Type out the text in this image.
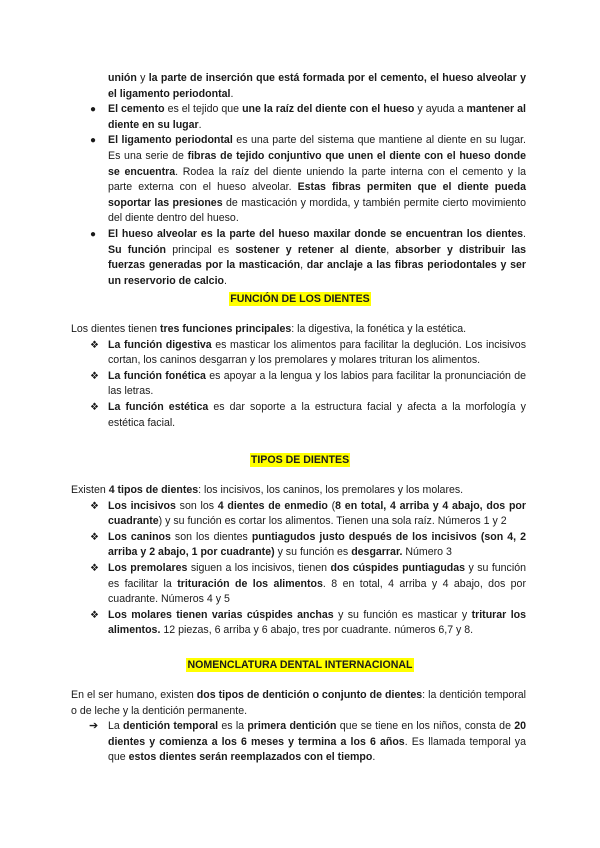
unión y la parte de inserción que está formada por el cemento, el hueso alveolar y el ligamento periodontal.
● El cemento es el tejido que une la raíz del diente con el hueso y ayuda a mantener al diente en su lugar.
● El ligamento periodontal es una parte del sistema que mantiene al diente en su lugar. Es una serie de fibras de tejido conjuntivo que unen el diente con el hueso donde se encuentra. Rodea la raíz del diente uniendo la parte interna con el cemento y la parte externa con el hueso alveolar. Estas fibras permiten que el diente pueda soportar las presiones de masticación y mordida, y también permite cierto movimiento del diente dentro del hueso.
● El hueso alveolar es la parte del hueso maxilar donde se encuentran los dientes. Su función principal es sostener y retener al diente, absorber y distribuir las fuerzas generadas por la masticación, dar anclaje a las fibras periodontales y ser un reservorio de calcio.
FUNCIÓN DE LOS DIENTES
Los dientes tienen tres funciones principales: la digestiva, la fonética y la estética.
❖ La función digestiva es masticar los alimentos para facilitar la deglución. Los incisivos cortan, los caninos desgarran y los premolares y molares trituran los alimentos.
❖ La función fonética es apoyar a la lengua y los labios para facilitar la pronunciación de las letras.
❖ La función estética es dar soporte a la estructura facial y afecta a la morfología y estética facial.
TIPOS DE DIENTES
Existen 4 tipos de dientes: los incisivos, los caninos, los premolares y los molares.
❖ Los incisivos son los 4 dientes de enmedio (8 en total, 4 arriba y 4 abajo, dos por cuadrante) y su función es cortar los alimentos. Tienen una sola raíz. Números 1 y 2
❖ Los caninos son los dientes puntiagudos justo después de los incisivos (son 4, 2 arriba y 2 abajo, 1 por cuadrante) y su función es desgarrar. Número 3
❖ Los premolares siguen a los incisivos, tienen dos cúspides puntiagudas y su función es facilitar la trituración de los alimentos. 8 en total, 4 arriba y 4 abajo, dos por cuadrante. Números 4 y 5
❖ Los molares tienen varias cúspides anchas y su función es masticar y triturar los alimentos. 12 piezas, 6 arriba y 6 abajo, tres por cuadrante. números 6,7 y 8.
NOMENCLATURA DENTAL INTERNACIONAL
En el ser humano, existen dos tipos de dentición o conjunto de dientes: la dentición temporal o de leche y la dentición permanente.
➔ La dentición temporal es la primera dentición que se tiene en los niños, consta de 20 dientes y comienza a los 6 meses y termina a los 6 años. Es llamada temporal ya que estos dientes serán reemplazados con el tiempo.
